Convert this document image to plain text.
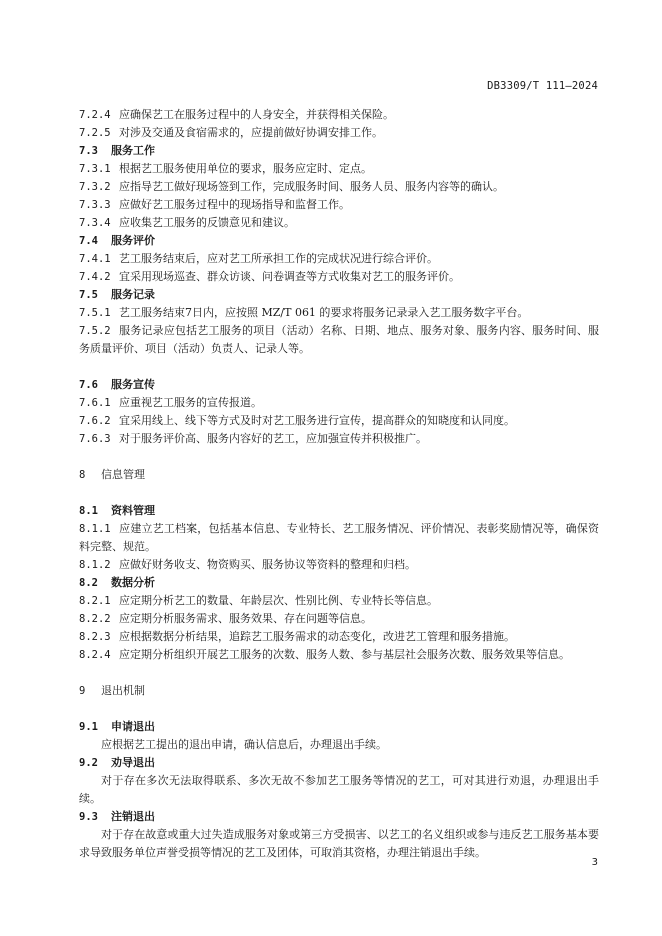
DB3309/T 111—2024
7.2.4 应确保艺工在服务过程中的人身安全，并获得相关保险。
7.2.5 对涉及交通及食宿需求的，应提前做好协调安排工作。
7.3 服务工作
7.3.1 根据艺工服务使用单位的要求，服务应定时、定点。
7.3.2 应指导艺工做好现场签到工作，完成服务时间、服务人员、服务内容等的确认。
7.3.3 应做好艺工服务过程中的现场指导和监督工作。
7.3.4 应收集艺工服务的反馈意见和建议。
7.4 服务评价
7.4.1 艺工服务结束后，应对艺工所承担工作的完成状况进行综合评价。
7.4.2 宜采用现场巡查、群众访谈、问卷调查等方式收集对艺工的服务评价。
7.5 服务记录
7.5.1 艺工服务结束7日内，应按照 MZ/T 061 的要求将服务记录录入艺工服务数字平台。
7.5.2 服务记录应包括艺工服务的项目（活动）名称、日期、地点、服务对象、服务内容、服务时间、服务质量评价、项目（活动）负责人、记录人等。
7.6 服务宣传
7.6.1 应重视艺工服务的宣传报道。
7.6.2 宜采用线上、线下等方式及时对艺工服务进行宣传，提高群众的知晓度和认同度。
7.6.3 对于服务评价高、服务内容好的艺工，应加强宣传并积极推广。
8 信息管理
8.1 资料管理
8.1.1 应建立艺工档案，包括基本信息、专业特长、艺工服务情况、评价情况、表彰奖励情况等，确保资料完整、规范。
8.1.2 应做好财务收支、物资购买、服务协议等资料的整理和归档。
8.2 数据分析
8.2.1 应定期分析艺工的数量、年龄层次、性别比例、专业特长等信息。
8.2.2 应定期分析服务需求、服务效果、存在问题等信息。
8.2.3 应根据数据分析结果，追踪艺工服务需求的动态变化，改进艺工管理和服务措施。
8.2.4 应定期分析组织开展艺工服务的次数、服务人数、参与基层社会服务次数、服务效果等信息。
9 退出机制
9.1 申请退出
应根据艺工提出的退出申请，确认信息后，办理退出手续。
9.2 劝导退出
对于存在多次无法取得联系、多次无故不参加艺工服务等情况的艺工，可对其进行劝退，办理退出手续。
9.3 注销退出
对于存在故意或重大过失造成服务对象或第三方受损害、以艺工的名义组织或参与违反艺工服务基本要求导致服务单位声誉受损等情况的艺工及团体，可取消其资格，办理注销退出手续。
3
